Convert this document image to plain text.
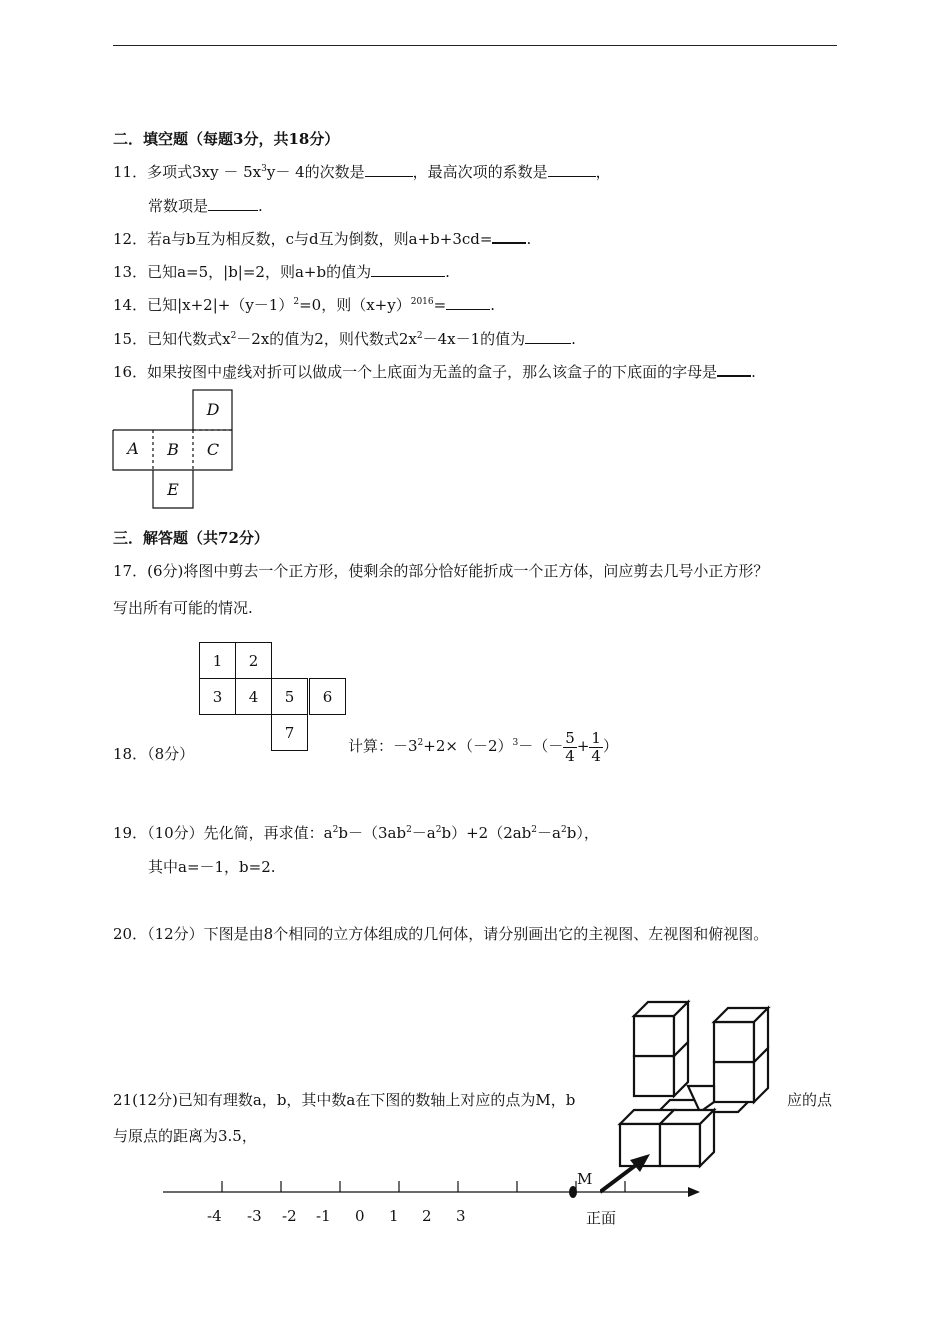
二．填空题（每题3分，共18分）
11．多项式$3xy - 5x^3y- 4$的次数是	，最高次项的系数是	，
常数项是	.
12．若a与b互为相反数，c与d互为倒数，则a+b+3cd= .
13．已知a=5，|b|=2，则a+b的值为	.
14．已知$|x+2|+(y-1)^2=0$，则$(x+y)^{2016}=$	.
15．已知代数式$x^2-2x$的值为2，则代数式$2x^2-4x-1$的值为	.
16．如果按图中虚线对折可以做成一个上底面为无盖的盒子，那么该盒子的下底面的字母是 .
D
A	B	C
E
三．解答题（共72分）
17．(6分)将图中剪去一个正方形，使剩余的部分恰好能折成一个正方体，问应剪去几号小正方形？
写出所有可能的情况.
1	2
3	4	5	6
7
18．（8分）	计算：$-3^2+2\times(-2)^3-(- \frac{5}{4} + \frac{1}{4}$ ）
19．（10分）先化简，再求值：$a^2b-(3ab^2-a^2b)+2(2ab^2-a^2b)$，
其中a=－1，b=2.
20．（12分）下图是由8个相同的立方体组成的几何体，请分别画出它的主视图、左视图和俯视图。
21(12分)已知有理数a，b，其中数a在下图的数轴上对应的点为M，b	应的点
与原点的距离为3.5，
M
-4 -3 -2 -1 0 1 2 3	正面
